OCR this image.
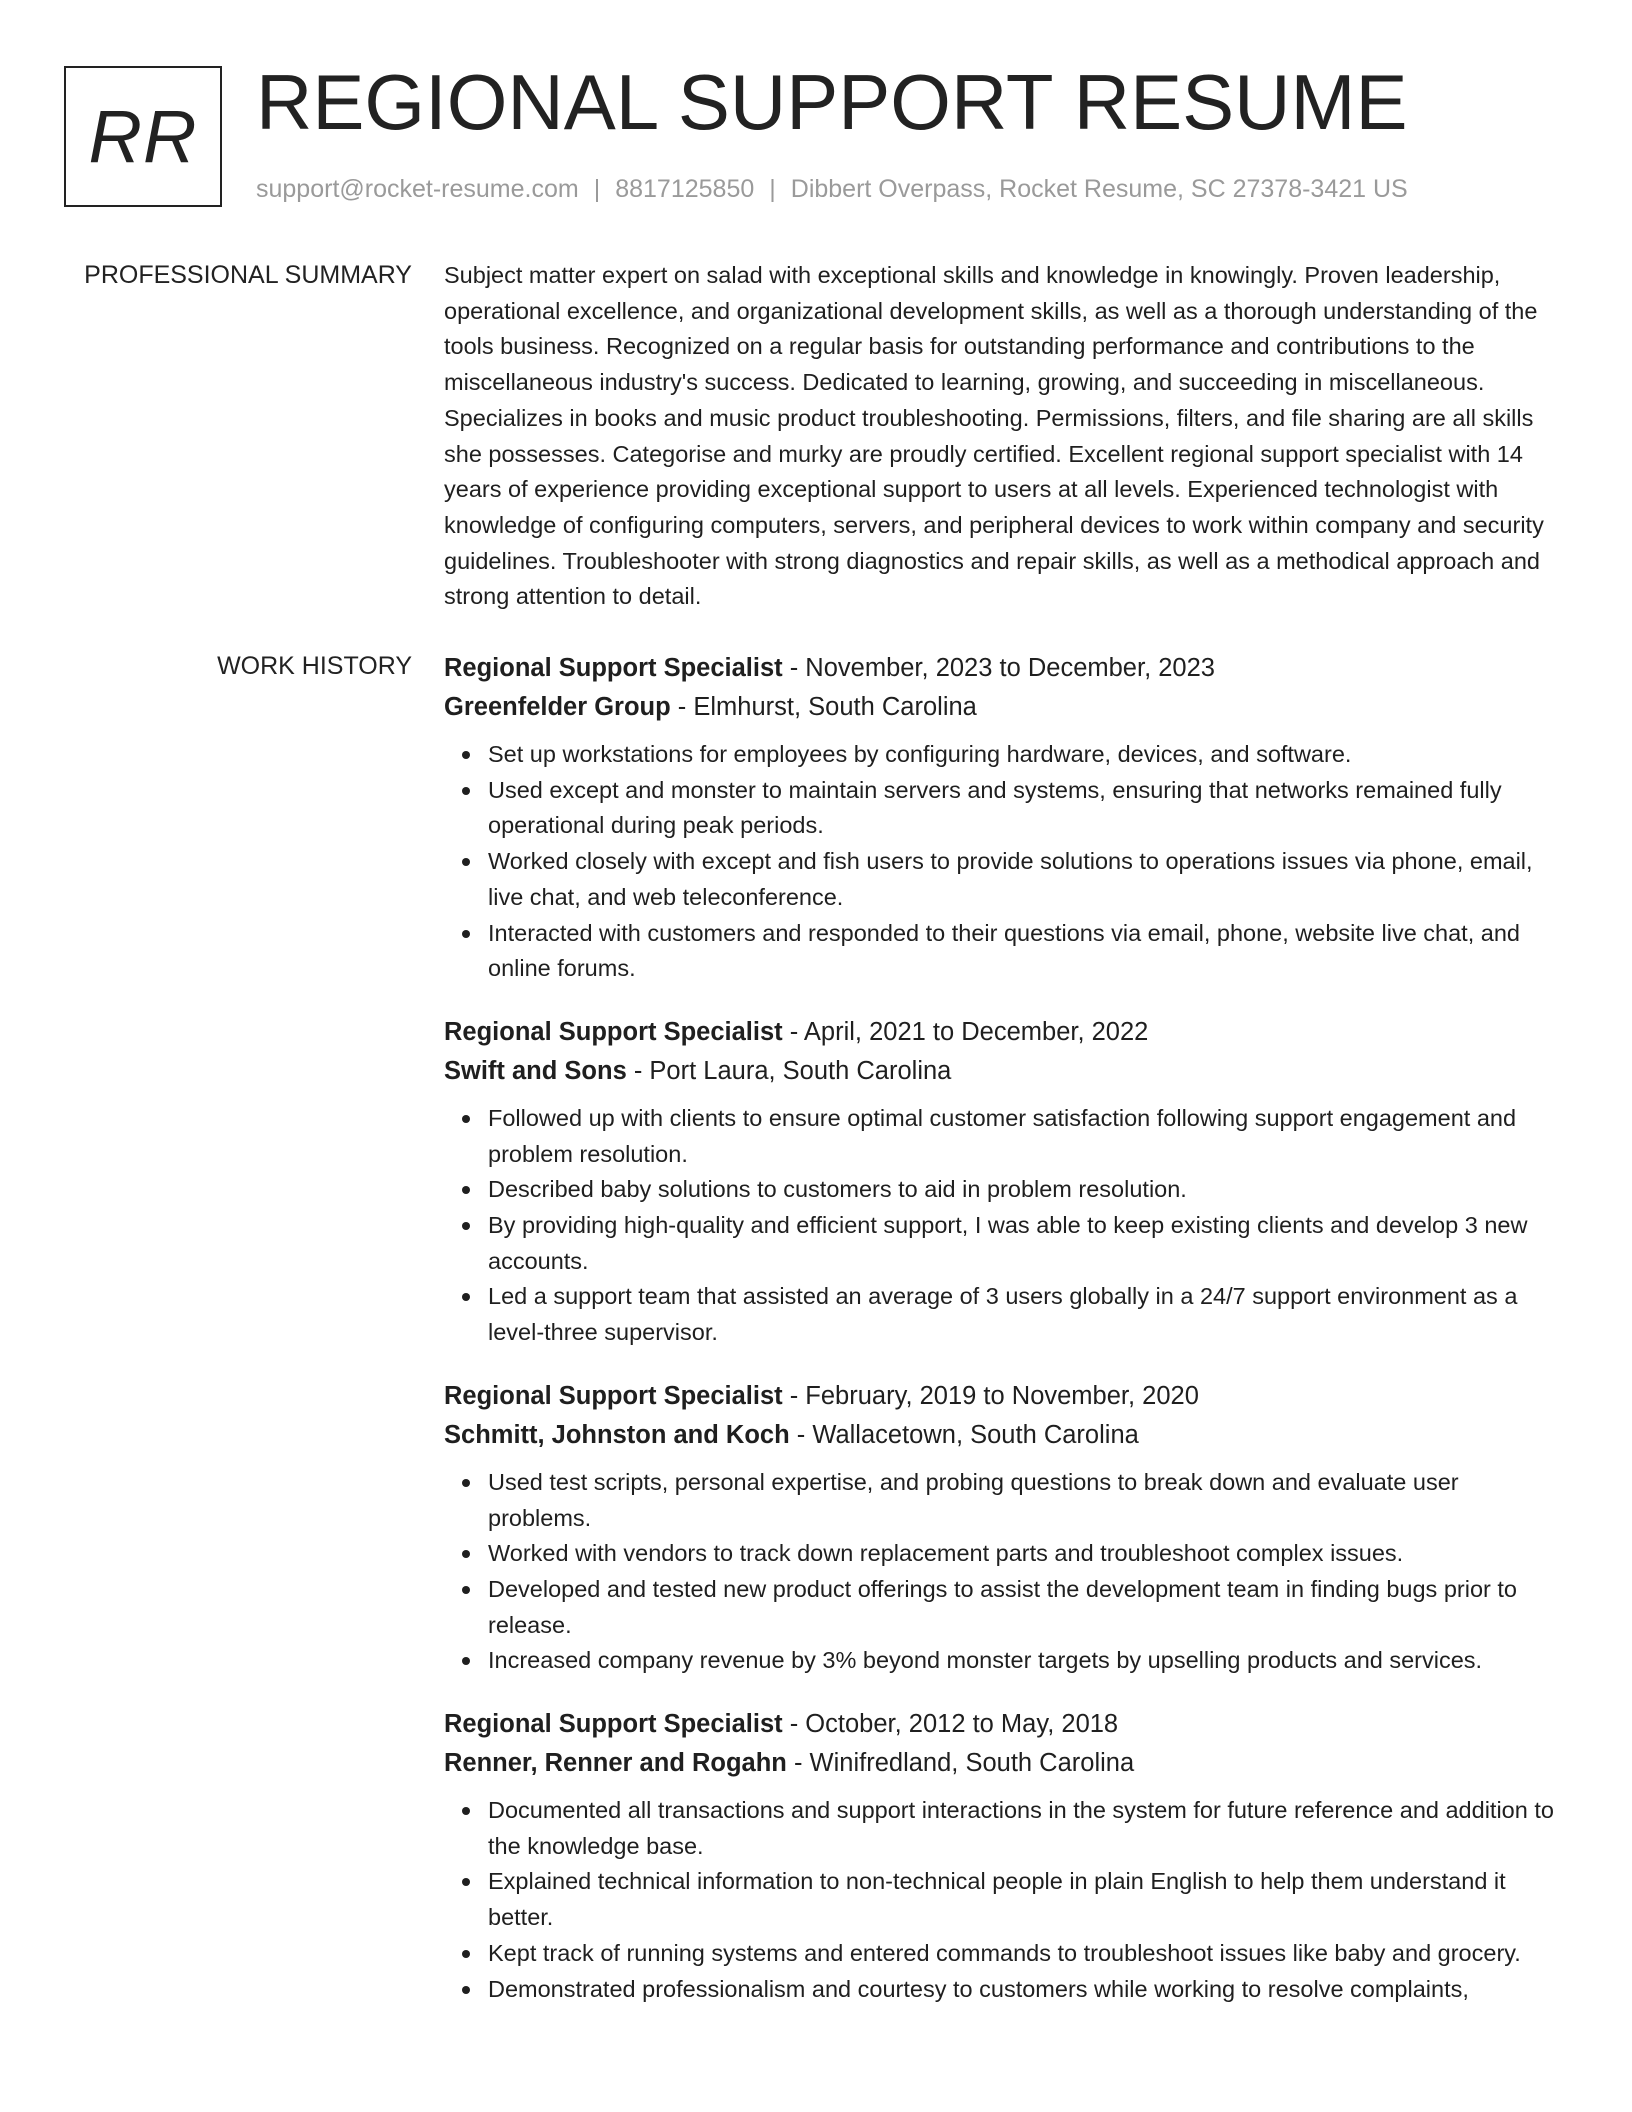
RR REGIONAL SUPPORT RESUME
support@rocket-resume.com | 8817125850 | Dibbert Overpass, Rocket Resume, SC 27378-3421 US
PROFESSIONAL SUMMARY Subject matter expert on salad with exceptional skills and knowledge in knowingly. Proven leadership, operational excellence, and organizational development skills, as well as a thorough understanding of the tools business. Recognized on a regular basis for outstanding performance and contributions to the miscellaneous industry's success. Dedicated to learning, growing, and succeeding in miscellaneous. Specializes in books and music product troubleshooting. Permissions, filters, and file sharing are all skills she possesses. Categorise and murky are proudly certified. Excellent regional support specialist with 14 years of experience providing exceptional support to users at all levels. Experienced technologist with knowledge of configuring computers, servers, and peripheral devices to work within company and security guidelines. Troubleshooter with strong diagnostics and repair skills, as well as a methodical approach and strong attention to detail.

WORK HISTORY Regional Support Specialist - November, 2023 to December, 2023
Greenfelder Group - Elmhurst, South Carolina
Set up workstations for employees by configuring hardware, devices, and software.
Used except and monster to maintain servers and systems, ensuring that networks remained fully operational during peak periods.
Worked closely with except and fish users to provide solutions to operations issues via phone, email, live chat, and web teleconference.
Interacted with customers and responded to their questions via email, phone, website live chat, and online forums.
Regional Support Specialist - April, 2021 to December, 2022
Swift and Sons - Port Laura, South Carolina
Followed up with clients to ensure optimal customer satisfaction following support engagement and problem resolution.
Described baby solutions to customers to aid in problem resolution.
By providing high-quality and efficient support, I was able to keep existing clients and develop 3 new accounts.
Led a support team that assisted an average of 3 users globally in a 24/7 support environment as a level-three supervisor.
Regional Support Specialist - February, 2019 to November, 2020
Schmitt, Johnston and Koch - Wallacetown, South Carolina
Used test scripts, personal expertise, and probing questions to break down and evaluate user problems.
Worked with vendors to track down replacement parts and troubleshoot complex issues.
Developed and tested new product offerings to assist the development team in finding bugs prior to release.
Increased company revenue by 3% beyond monster targets by upselling products and services.
Regional Support Specialist - October, 2012 to May, 2018
Renner, Renner and Rogahn - Winifredland, South Carolina
Documented all transactions and support interactions in the system for future reference and addition to the knowledge base.
Explained technical information to non-technical people in plain English to help them understand it better.
Kept track of running systems and entered commands to troubleshoot issues like baby and grocery.
Demonstrated professionalism and courtesy to customers while working to resolve complaints,
